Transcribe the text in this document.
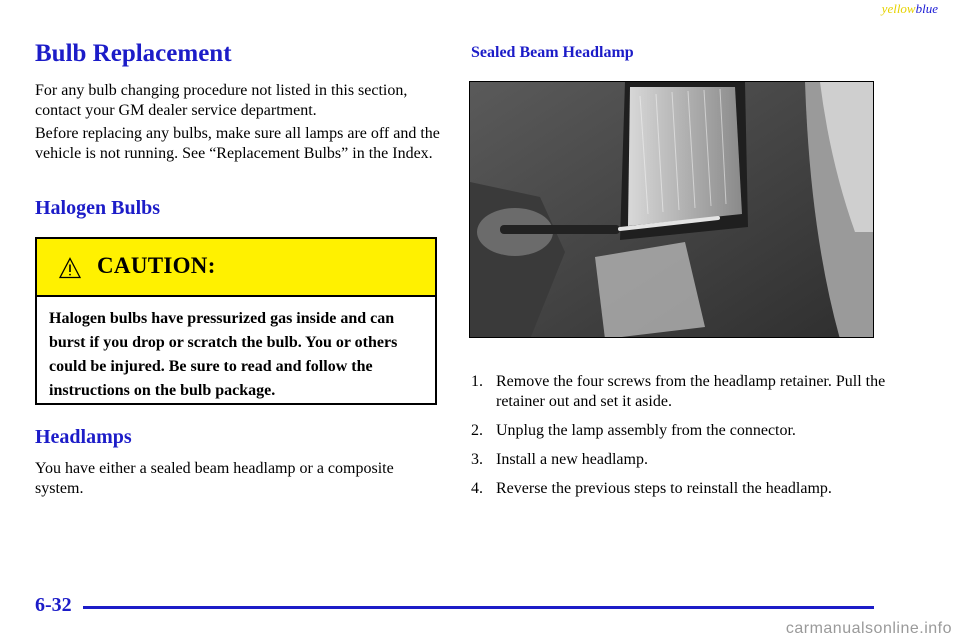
yellowblue
Bulb Replacement

For any bulb changing procedure not listed in this section, contact your GM dealer service department.

Before replacing any bulbs, make sure all lamps are off and the vehicle is not running. See “Replacement Bulbs” in the Index.

Halogen Bulbs
CAUTION:
Halogen bulbs have pressurized gas inside and can burst if you drop or scratch the bulb. You or others could be injured. Be sure to read and follow the instructions on the bulb package.
Headlamps

You have either a sealed beam headlamp or a composite system.

Sealed Beam Headlamp
1. Remove the four screws from the headlamp retainer. Pull the retainer out and set it aside.
2. Unplug the lamp assembly from the connector.
3. Install a new headlamp.
4. Reverse the previous steps to reinstall the headlamp.
6-32
carmanualsonline.info
